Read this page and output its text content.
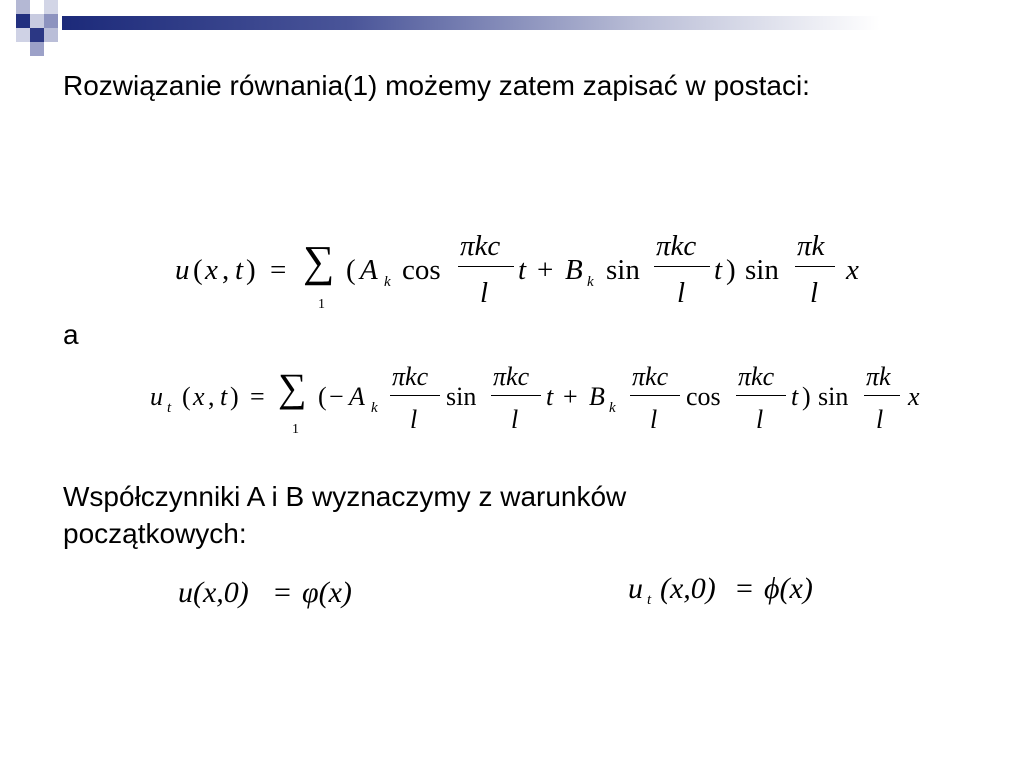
Rozwiązanie równania(1) możemy zatem zapisać w postaci:
u ( x , t ) = ∑
1
( A k cos
πkc
l
t + B k sin
πkc
l
t ) sin
πk
l
x
a
u t ( x , t ) = ∑
1
( − A k
πkc
l
sin
πkc
l
t + B k
πkc
l
cos
πkc
l
t ) sin
πk
l
x
Współczynniki A i B wyznaczymy z warunków początkowych:
u(x,0) = φ(x)	u t (x,0) = ϕ(x)
